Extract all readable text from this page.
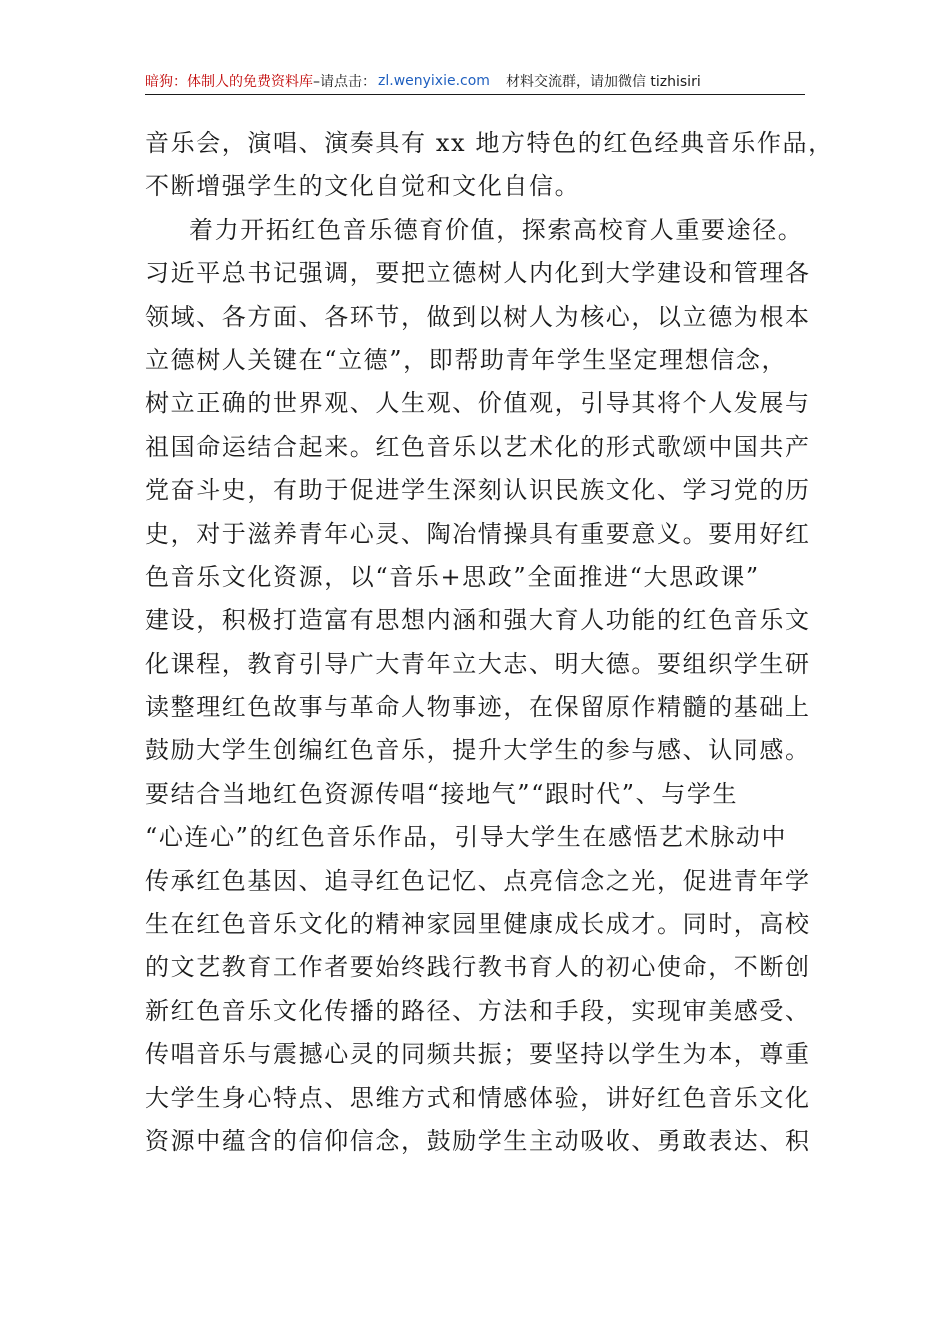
暗狗：体制人的免费资料库 –请点击： zl.wenyixie.com 材料交流群，请加微信 tizhisiri
音乐会，演唱、演奏具有 xx 地方特色的红色经典音乐作品，
不断增强学生的文化自觉和文化自信。
着力开拓红色音乐德育价值，探索高校育人重要途径。
习近平总书记强调，要把立德树人内化到大学建设和管理各
领域、各方面、各环节，做到以树人为核心，以立德为根本
立德树人关键在“立德”，即帮助青年学生坚定理想信念，
树立正确的世界观、人生观、价值观，引导其将个人发展与
祖国命运结合起来。红色音乐以艺术化的形式歌颂中国共产
党奋斗史，有助于促进学生深刻认识民族文化、学习党的历
史，对于滋养青年心灵、陶冶情操具有重要意义。要用好红
色音乐文化资源，以“音乐+思政”全面推进“大思政课”
建设，积极打造富有思想内涵和强大育人功能的红色音乐文
化课程，教育引导广大青年立大志、明大德。要组织学生研
读整理红色故事与革命人物事迹，在保留原作精髓的基础上
鼓励大学生创编红色音乐，提升大学生的参与感、认同感。
要结合当地红色资源传唱“接地气”“跟时代”、与学生
“心连心”的红色音乐作品，引导大学生在感悟艺术脉动中
传承红色基因、追寻红色记忆、点亮信念之光，促进青年学
生在红色音乐文化的精神家园里健康成长成才。同时，高校
的文艺教育工作者要始终践行教书育人的初心使命，不断创
新红色音乐文化传播的路径、方法和手段，实现审美感受、
传唱音乐与震撼心灵的同频共振；要坚持以学生为本，尊重
大学生身心特点、思维方式和情感体验，讲好红色音乐文化
资源中蕴含的信仰信念，鼓励学生主动吸收、勇敢表达、积
